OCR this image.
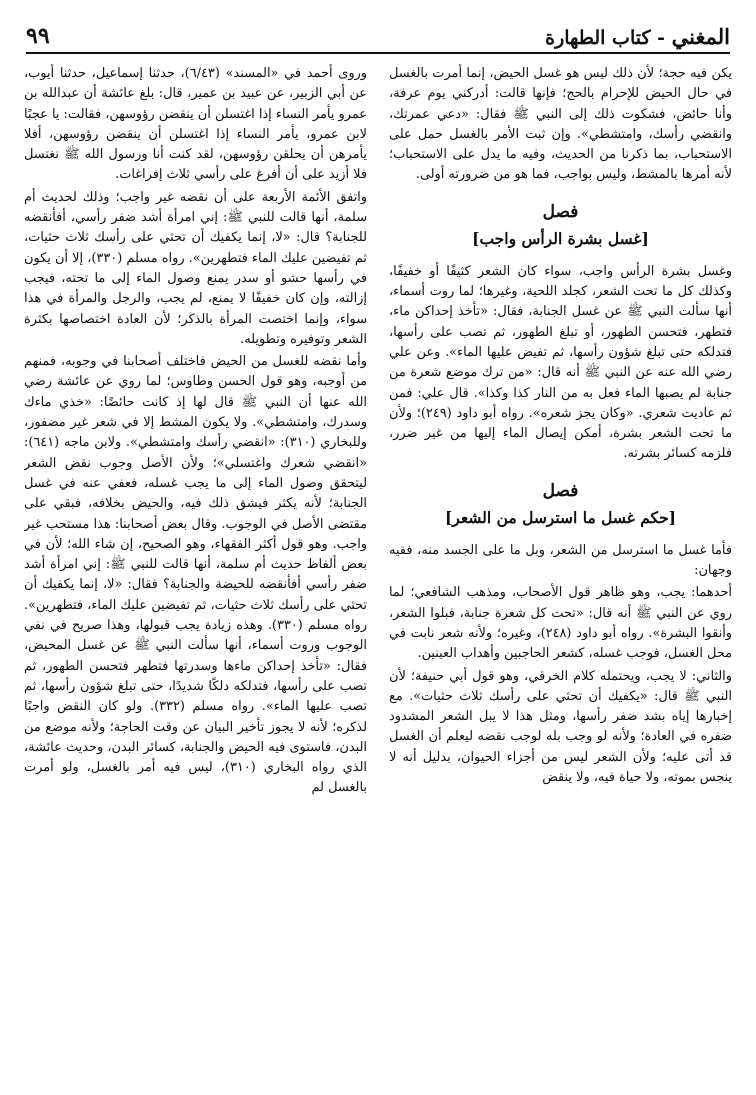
٩٩	المغني - كتاب الطهارة

وروى أحمد في «المسند» (٦/٤٣)، حدثنا إسماعيل، حدثنا أيوب، عن أبي الزبير، عن عبيد بن عمير، قال: بلغ عائشة أن عبدالله بن عمرو يأمر النساء إذا اغتسلن أن ينقضن رؤوسهن، فقالت: يا عجبًا لابن عمرو، يأمر النساء إذا اغتسلن أن ينقضن رؤوسهن، أفلا يأمرهن أن يحلقن رؤوسهن، لقد كنت أنا ورسول الله ﷺ نغتسل فلا أزيد على أن أفرغ على رأسي ثلاث إفراغات.

واتفق الأئمة الأربعة على أن نقضه غير واجب؛ وذلك لحديث أم سلمة، أنها قالت للنبي ﷺ: إني امرأة أشد ضفر رأسي، أفأنقضه للجنابة؟ قال: «لا، إنما يكفيك أن تحثي على رأسك ثلاث حثيات، ثم تفيضين عليك الماء فتطهرين». رواه مسلم (٣٣٠)، إلا أن يكون في رأسها حشو أو سدر يمنع وصول الماء إلى ما تحته، فيجب إزالته، وإن كان خفيفًا لا يمنع، لم يجب، والرجل والمرأة في هذا سواء، وإنما اختصت المرأة بالذكر؛ لأن العادة اختصاصها بكثرة الشعر وتوفيره وتطويله.

وأما نقضه للغسل من الحيض فاختلف أصحابنا في وجوبه، فمنهم من أوجبه، وهو قول الحسن وطاوس؛ لما روي عن عائشة رضي الله عنها أن النبي ﷺ قال لها إذ كانت حائضًا: «خذي ماءك وسدرك، وامتشطي». ولا يكون المشط إلا في شعر غير مضفور، وللبخاري (٣١٠): «انقضي رأسك وامتشطي». ولابن ماجه (٦٤١): «انقضي شعرك واغتسلي»؛ ولأن الأصل وجوب نقض الشعر ليتحقق وصول الماء إلى ما يجب غسله، فعفي عنه في غسل الجنابة؛ لأنه يكثر فيشق ذلك فيه، والحيض بخلافه، فبقي على مقتضى الأصل في الوجوب. وقال بعض أصحابنا: هذا مستحب غير واجب. وهو قول أكثر الفقهاء، وهو الصحيح، إن شاء الله؛ لأن في بعض ألفاظ حديث أم سلمة، أنها قالت للنبي ﷺ: إني امرأة أشد ضفر رأسي أفأنقضه للحيضة والجنابة؟ فقال: «لا، إنما يكفيك أن تحثي على رأسك ثلاث حثيات، ثم تفيضين عليك الماء، فتطهرين». رواه مسلم (٣٣٠). وهذه زيادة يجب قبولها، وهذا صريح في نفي الوجوب وروت أسماء، أنها سألت النبي ﷺ عن غسل المحيض، فقال: «تأخذ إحداكن ماءها وسدرتها فتطهر فتحسن الطهور، ثم تصب على رأسها، فتدلكه دلكًا شديدًا، حتى تبلغ شؤون رأسها، ثم تصب عليها الماء». رواه مسلم (٣٣٢). ولو كان النقض واجبًا لذكره؛ لأنه لا يجوز تأخير البيان عن وقت الحاجة؛ ولأنه موضع من البدن، فاستوى فيه الحيض والجنابة، كسائر البدن، وحديث عائشة، الذي رواه البخاري (٣١٠)، ليس فيه أمر بالغسل، ولو أمرت بالغسل لم

يكن فيه حجة؛ لأن ذلك ليس هو غسل الحيض، إنما أمرت بالغسل في حال الحيض للإحرام بالحج؛ فإنها قالت: أدركني يوم عرفة، وأنا حائض، فشكوت ذلك إلى النبي ﷺ فقال: «دعي عمرتك، وانقضي رأسك، وامتشطي». وإن ثبت الأمر بالغسل حمل على الاستحباب، بما ذكرنا من الحديث، وفيه ما يدل على الاستحباب؛ لأنه أمرها بالمشط، وليس بواجب، فما هو من ضرورته أولى.

فصل
[غسل بشرة الرأس واجب]

وغسل بشرة الرأس واجب، سواء كان الشعر كثيفًا أو خفيفًا، وكذلك كل ما تحت الشعر، كجلد اللحية، وغيرها؛ لما روت أسماء، أنها سألت النبي ﷺ عن غسل الجنابة، فقال: «تأخذ إحداكن ماء، فتطهر، فتحسن الطهور، أو تبلغ الطهور، ثم تصب على رأسها، فتدلكه حتى تبلغ شؤون رأسها، ثم تفيض عليها الماء». وعن علي رضي الله عنه عن النبي ﷺ أنه قال: «من ترك موضع شعرة من جنابة لم يصبها الماء فعل به من النار كذا وكذا». قال علي: فمن ثم عاديت شعري. «وكان يجز شعره». رواه أبو داود (٢٤٩)؛ ولأن ما تحت الشعر بشرة، أمكن إيصال الماء إليها من غير ضرر، فلزمه كسائر بشرته.

فصل
[حكم غسل ما استرسل من الشعر]

فأما غسل ما استرسل من الشعر، وبل ما على الجسد منه، ففيه وجهان:

أحدهما: يجب، وهو ظاهر قول الأصحاب، ومذهب الشافعي؛ لما روي عن النبي ﷺ أنه قال: «تحت كل شعرة جنابة، فبلوا الشعر، وأنقوا البشرة». رواه أبو داود (٢٤٨)، وغيره؛ ولأنه شعر نابت في محل الغسل، فوجب غسله، كشعر الحاجبين وأهداب العينين.

والثاني: لا يجب، ويحتمله كلام الخرقي، وهو قول أبي حنيفة؛ لأن النبي ﷺ قال: «يكفيك أن تحثي على رأسك ثلاث حثيات». مع إخبارها إياه بشد ضفر رأسها، ومثل هذا لا يبل الشعر المشدود ضفره في العادة؛ ولأنه لو وجب بله لوجب نقضه ليعلم أن الغسل قد أتى عليه؛ ولأن الشعر ليس من أجزاء الحيوان، بدليل أنه لا ينجس بموته، ولا حياة فيه، ولا ينقض
